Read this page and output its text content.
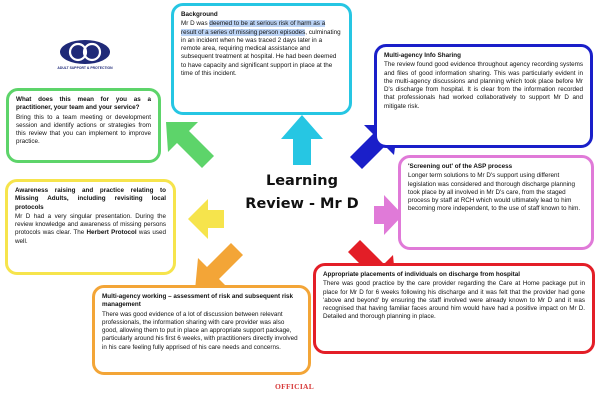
ADULT SUPPORT & PROTECTION
Learning
Review - Mr D
Background

Mr D was deemed to be at serious risk of harm as a result of a series of missing person episodes, culminating in an incident when he was traced 2 days later in a remote area, requiring medical assistance and subsequent treatment at hospital. He had been deemed to have capacity and significant support in place at the time of this incident.

What does this mean for you as a practitioner, your team and your service?

Bring this to a team meeting or development session and identify actions or strategies from this review that you can implement to improve practice.

Multi-agency Info Sharing

The review found good evidence throughout agency recording systems and files of good information sharing. This was particularly evident in the multi-agency discussions and planning which took place before Mr D's discharge from hospital. It is clear from the information recorded that professionals had worked collaboratively to support Mr D and mitigate risk.

'Screening out' of the ASP process

Longer term solutions to Mr D's support using different legislation was considered and thorough discharge planning took place by all involved in Mr D's care, from the staged process by staff at RCH which would ultimately lead to him becoming more independent, to the use of staff known to him.

Awareness raising and practice relating to Missing Adults, including revisiting local protocols

Mr D had a very singular presentation. During the review knowledge and awareness of missing persons protocols was clear. The Herbert Protocol was used well.

Appropriate placements of individuals on discharge from hospital

There was good practice by the care provider regarding the Care at Home package put in place for Mr D for 6 weeks following his discharge and it was felt that the provider had gone 'above and beyond' by ensuring the staff involved were already known to Mr D and it was recognised that having familiar faces around him would have had a positive impact on Mr D. Detailed and thorough planning in place.

Multi-agency working – assessment of risk and subsequent risk management

There was good evidence of a lot of discussion between relevant professionals, the information sharing with care provider was also good, allowing them to put in place an appropriate support package, particularly around his first 6 weeks, with practitioners directly involved in his care feeling fully apprised of his care needs and concerns.

OFFICIAL
